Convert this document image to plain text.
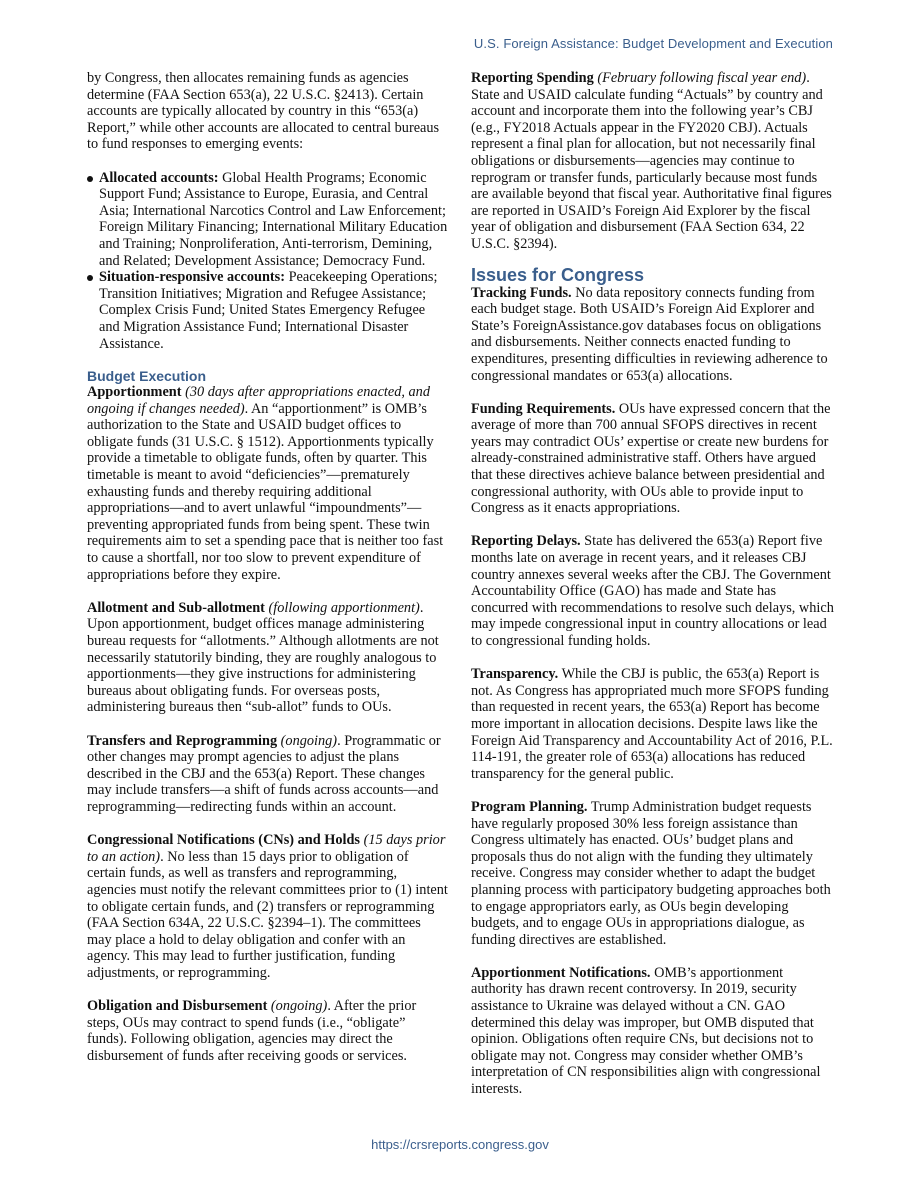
U.S. Foreign Assistance: Budget Development and Execution

by Congress, then allocates remaining funds as agencies determine (FAA Section 653(a), 22 U.S.C. §2413). Certain accounts are typically allocated by country in this “653(a) Report,” while other accounts are allocated to central bureaus to fund responses to emerging events:

Allocated accounts: Global Health Programs; Economic Support Fund; Assistance to Europe, Eurasia, and Central Asia; International Narcotics Control and Law Enforcement; Foreign Military Financing; International Military Education and Training; Nonproliferation, Anti-terrorism, Demining, and Related; Development Assistance; Democracy Fund.
Situation-responsive accounts: Peacekeeping Operations; Transition Initiatives; Migration and Refugee Assistance; Complex Crisis Fund; United States Emergency Refugee and Migration Assistance Fund; International Disaster Assistance.
Budget Execution

Apportionment (30 days after appropriations enacted, and ongoing if changes needed). An “apportionment” is OMB’s authorization to the State and USAID budget offices to obligate funds (31 U.S.C. § 1512). Apportionments typically provide a timetable to obligate funds, often by quarter. This timetable is meant to avoid “deficiencies”—prematurely exhausting funds and thereby requiring additional appropriations—and to avert unlawful “impoundments”—preventing appropriated funds from being spent. These twin requirements aim to set a spending pace that is neither too fast to cause a shortfall, nor too slow to prevent expenditure of appropriations before they expire.

Allotment and Sub-allotment (following apportionment). Upon apportionment, budget offices manage administering bureau requests for “allotments.” Although allotments are not necessarily statutorily binding, they are roughly analogous to apportionments—they give instructions for administering bureaus about obligating funds. For overseas posts, administering bureaus then “sub-allot” funds to OUs.

Transfers and Reprogramming (ongoing). Programmatic or other changes may prompt agencies to adjust the plans described in the CBJ and the 653(a) Report. These changes may include transfers—a shift of funds across accounts—and reprogramming—redirecting funds within an account.

Congressional Notifications (CNs) and Holds (15 days prior to an action). No less than 15 days prior to obligation of certain funds, as well as transfers and reprogramming, agencies must notify the relevant committees prior to (1) intent to obligate certain funds, and (2) transfers or reprogramming (FAA Section 634A, 22 U.S.C. §2394–1). The committees may place a hold to delay obligation and confer with an agency. This may lead to further justification, funding adjustments, or reprogramming.

Obligation and Disbursement (ongoing). After the prior steps, OUs may contract to spend funds (i.e., “obligate” funds). Following obligation, agencies may direct the disbursement of funds after receiving goods or services.

Reporting Spending (February following fiscal year end). State and USAID calculate funding “Actuals” by country and account and incorporate them into the following year’s CBJ (e.g., FY2018 Actuals appear in the FY2020 CBJ). Actuals represent a final plan for allocation, but not necessarily final obligations or disbursements—agencies may continue to reprogram or transfer funds, particularly because most funds are available beyond that fiscal year. Authoritative final figures are reported in USAID’s Foreign Aid Explorer by the fiscal year of obligation and disbursement (FAA Section 634, 22 U.S.C. §2394).

Issues for Congress

Tracking Funds. No data repository connects funding from each budget stage. Both USAID’s Foreign Aid Explorer and State’s ForeignAssistance.gov databases focus on obligations and disbursements. Neither connects enacted funding to expenditures, presenting difficulties in reviewing adherence to congressional mandates or 653(a) allocations.

Funding Requirements. OUs have expressed concern that the average of more than 700 annual SFOPS directives in recent years may contradict OUs’ expertise or create new burdens for already-constrained administrative staff. Others have argued that these directives achieve balance between presidential and congressional authority, with OUs able to provide input to Congress as it enacts appropriations.

Reporting Delays. State has delivered the 653(a) Report five months late on average in recent years, and it releases CBJ country annexes several weeks after the CBJ. The Government Accountability Office (GAO) has made and State has concurred with recommendations to resolve such delays, which may impede congressional input in country allocations or lead to congressional funding holds.

Transparency. While the CBJ is public, the 653(a) Report is not. As Congress has appropriated much more SFOPS funding than requested in recent years, the 653(a) Report has become more important in allocation decisions. Despite laws like the Foreign Aid Transparency and Accountability Act of 2016, P.L. 114-191, the greater role of 653(a) allocations has reduced transparency for the general public.

Program Planning. Trump Administration budget requests have regularly proposed 30% less foreign assistance than Congress ultimately has enacted. OUs’ budget plans and proposals thus do not align with the funding they ultimately receive. Congress may consider whether to adapt the budget planning process with participatory budgeting approaches both to engage appropriators early, as OUs begin developing budgets, and to engage OUs in appropriations dialogue, as funding directives are established.

Apportionment Notifications. OMB’s apportionment authority has drawn recent controversy. In 2019, security assistance to Ukraine was delayed without a CN. GAO determined this delay was improper, but OMB disputed that opinion. Obligations often require CNs, but decisions not to obligate may not. Congress may consider whether OMB’s interpretation of CN responsibilities align with congressional interests.

https://crsreports.congress.gov
